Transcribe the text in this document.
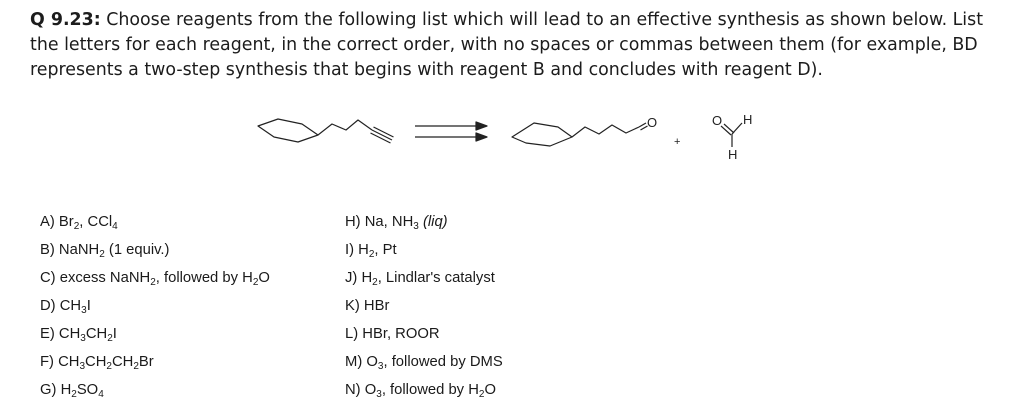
Q 9.23: Choose reagents from the following list which will lead to an effective synthesis as shown below. List the letters for each reagent, in the correct order, with no spaces or commas between them (for example, BD represents a two-step synthesis that begins with reagent B and concludes with reagent D).
O
+
O H
H
A) $Br_2$, CCl$_4$
B) NaNH$_2$ (1 equiv.)
C) excess NaNH$_2$, followed by $H_2O$
D) $CH_3I$
E) $CH_3CH_2I$
F) $CH_3CH_2CH_2Br$
G) $H_2SO_4$
H) Na, $NH_3$ (liq)
I) $H_2$, Pt
J) $H_2$, Lindlar's catalyst
K) HBr
L) HBr, ROOR
M) $O_3$, followed by DMS
N) $O_3$, followed by $H_2O$
